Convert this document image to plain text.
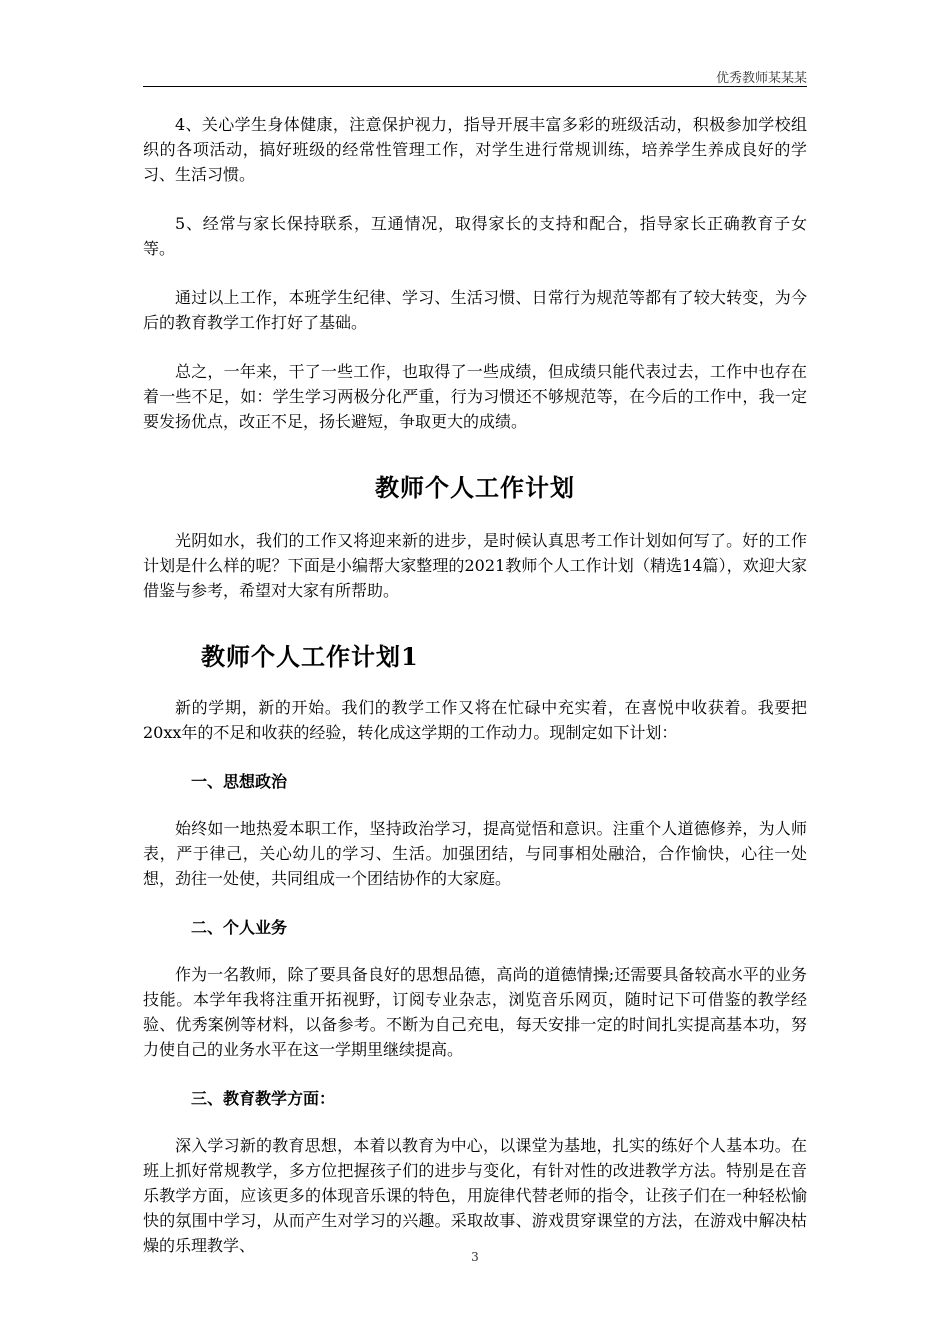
优秀教师某某某

4、关心学生身体健康，注意保护视力，指导开展丰富多彩的班级活动，积极参加学校组织的各项活动，搞好班级的经常性管理工作，对学生进行常规训练，培养学生养成良好的学习、生活习惯。

5、经常与家长保持联系，互通情况，取得家长的支持和配合，指导家长正确教育子女等。

通过以上工作，本班学生纪律、学习、生活习惯、日常行为规范等都有了较大转变，为今后的教育教学工作打好了基础。

总之，一年来，干了一些工作，也取得了一些成绩，但成绩只能代表过去，工作中也存在着一些不足，如：学生学习两极分化严重，行为习惯还不够规范等，在今后的工作中，我一定要发扬优点，改正不足，扬长避短，争取更大的成绩。

教师个人工作计划

光阴如水，我们的工作又将迎来新的进步，是时候认真思考工作计划如何写了。好的工作计划是什么样的呢？下面是小编帮大家整理的2021教师个人工作计划（精选14篇），欢迎大家借鉴与参考，希望对大家有所帮助。

教师个人工作计划1

新的学期，新的开始。我们的教学工作又将在忙碌中充实着，在喜悦中收获着。我要把20xx年的不足和收获的经验，转化成这学期的工作动力。现制定如下计划：

一、思想政治

始终如一地热爱本职工作，坚持政治学习，提高觉悟和意识。注重个人道德修养，为人师表，严于律己，关心幼儿的学习、生活。加强团结，与同事相处融洽，合作愉快，心往一处想，劲往一处使，共同组成一个团结协作的大家庭。

二、个人业务

作为一名教师，除了要具备良好的思想品德，高尚的道德情操;还需要具备较高水平的业务技能。本学年我将注重开拓视野，订阅专业杂志，浏览音乐网页，随时记下可借鉴的教学经验、优秀案例等材料，以备参考。不断为自己充电，每天安排一定的时间扎实提高基本功，努力使自己的业务水平在这一学期里继续提高。

三、教育教学方面：

深入学习新的教育思想，本着以教育为中心，以课堂为基地，扎实的练好个人基本功。在班上抓好常规教学，多方位把握孩子们的进步与变化，有针对性的改进教学方法。特别是在音乐教学方面，应该更多的体现音乐课的特色，用旋律代替老师的指令，让孩子们在一种轻松愉快的氛围中学习，从而产生对学习的兴趣。采取故事、游戏贯穿课堂的方法，在游戏中解决枯燥的乐理教学、

3
